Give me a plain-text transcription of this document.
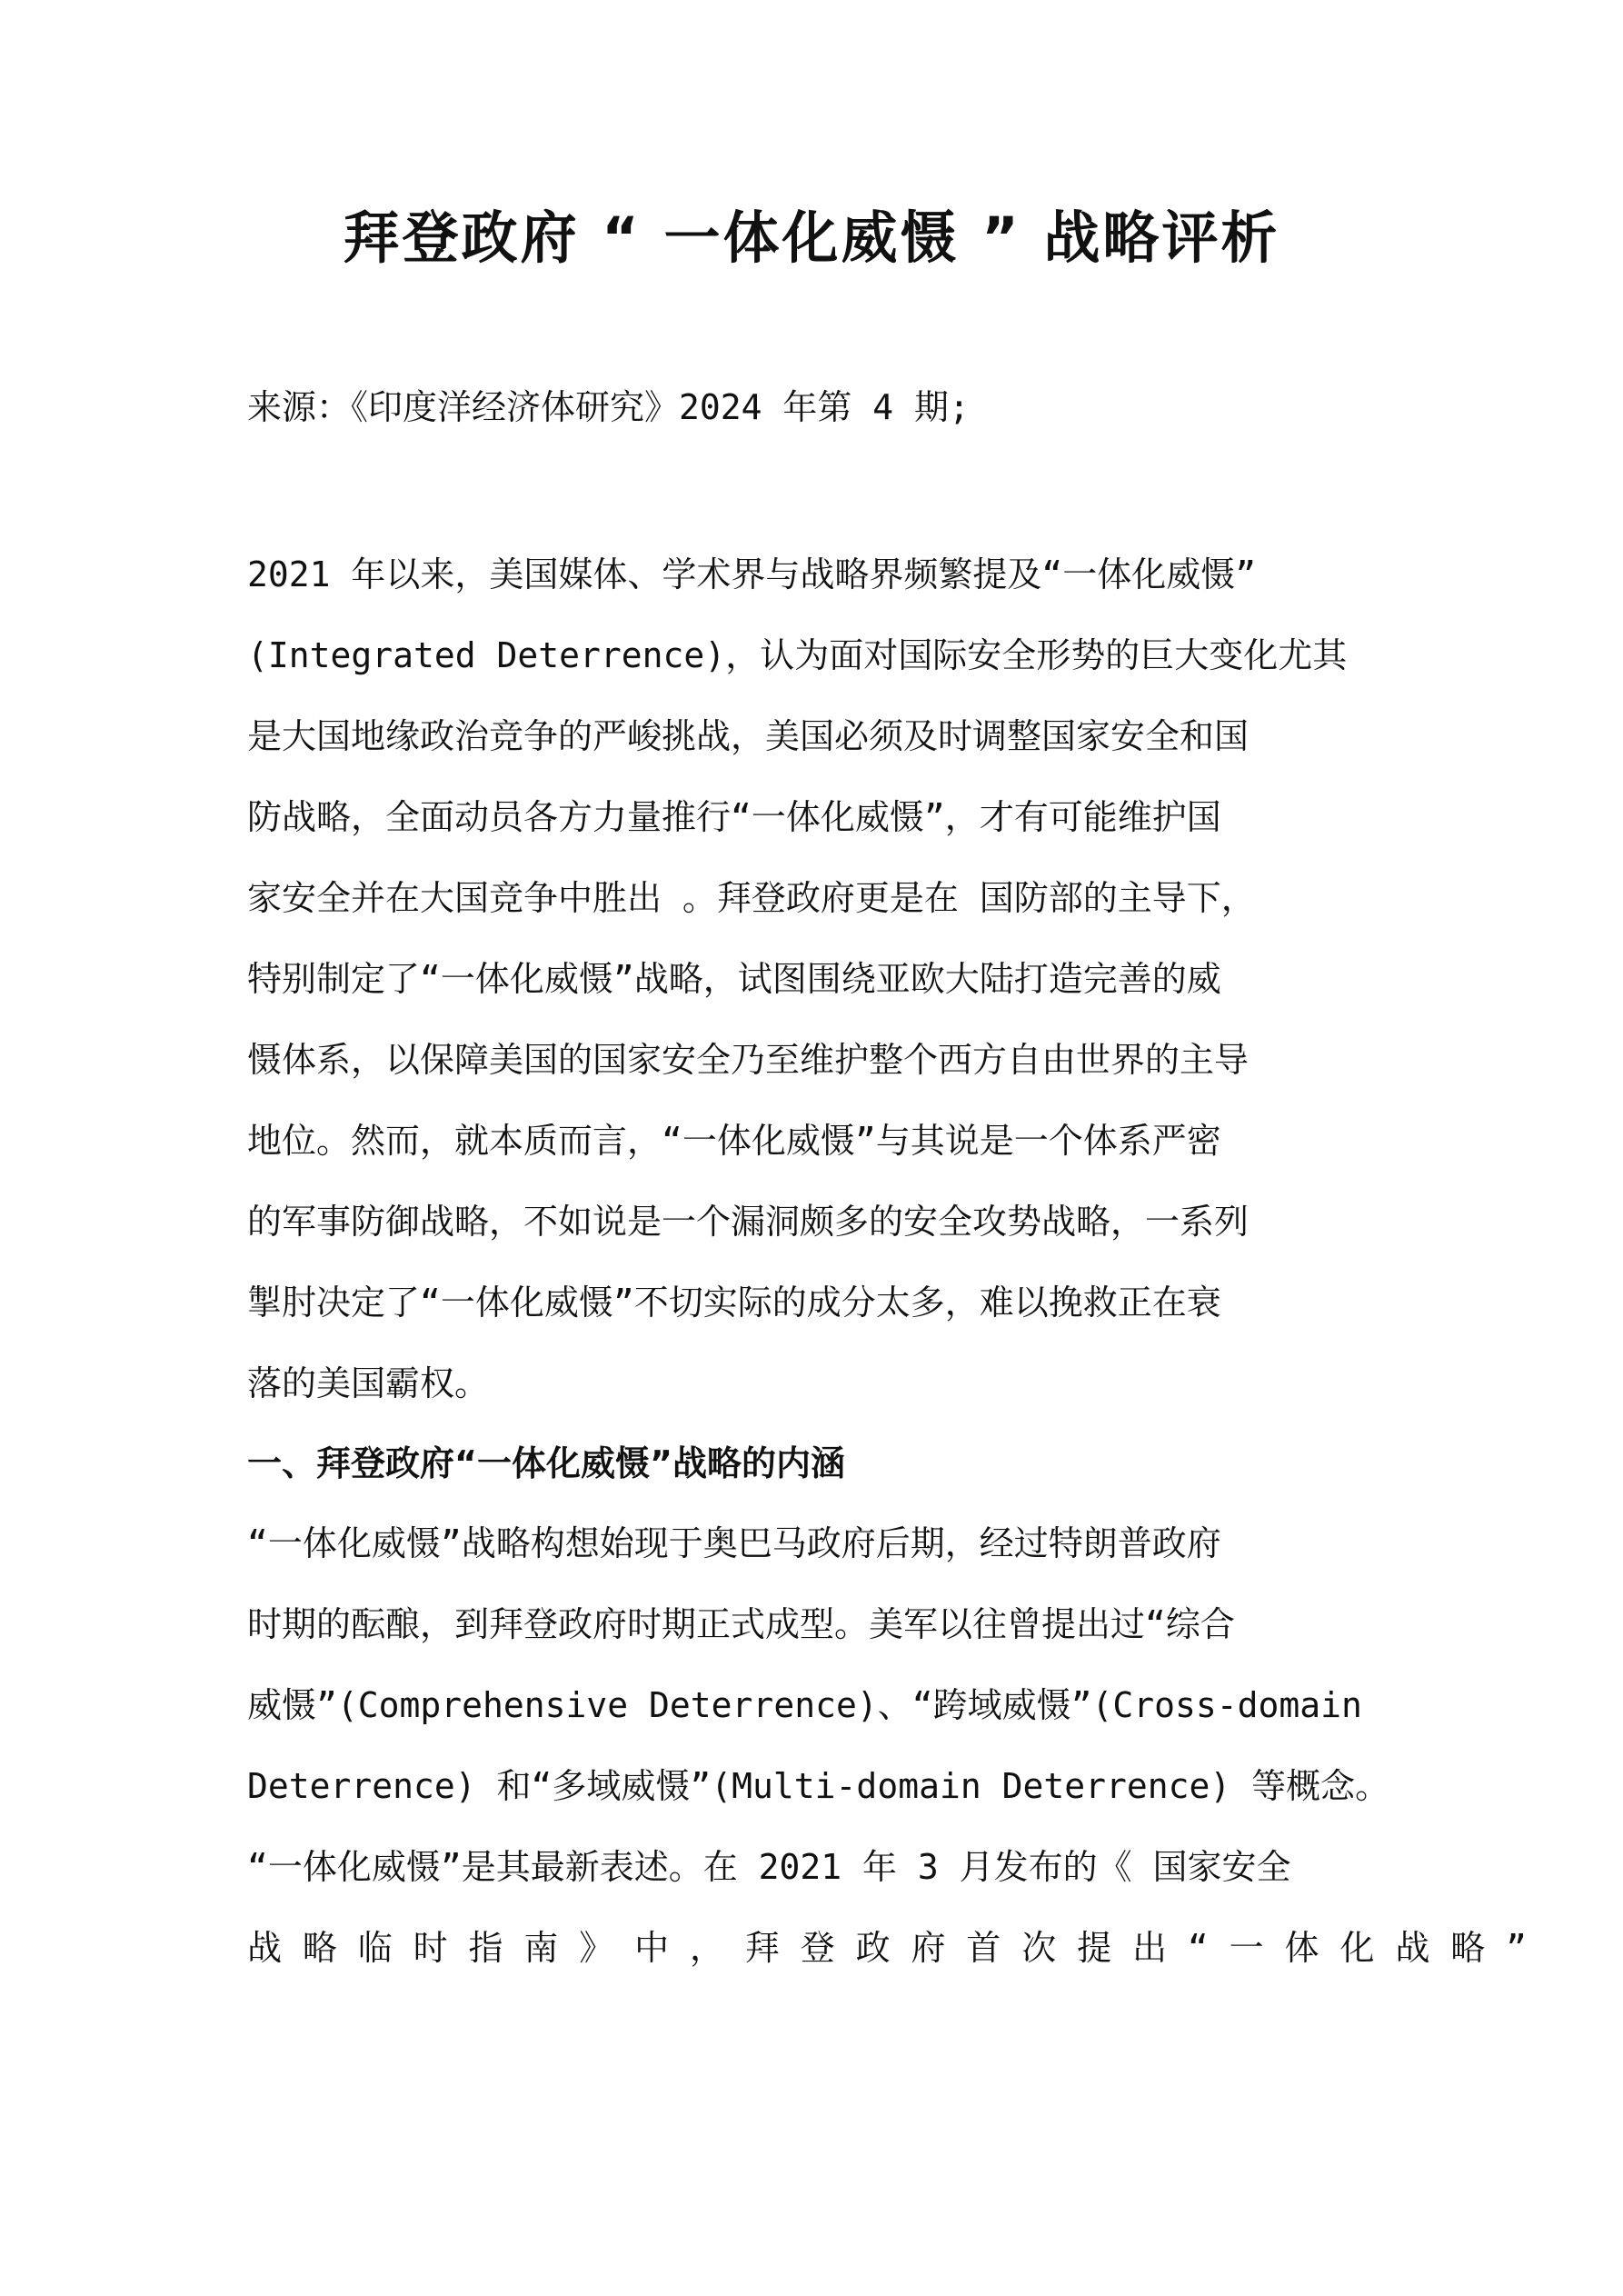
拜登政府 “ 一体化威慑 ” 战略评析
来源：《印度洋经济体研究》2024 年第 4 期;
2021 年以来，美国媒体、学术界与战略界频繁提及“一体化威慑”
(Integrated Deterrence)，认为面对国际安全形势的巨大变化尤其
是大国地缘政治竞争的严峻挑战，美国必须及时调整国家安全和国
防战略，全面动员各方力量推行“一体化威慑”，才有可能维护国
家安全并在大国竞争中胜出 。拜登政府更是在 国防部的主导下，
特别制定了“一体化威慑”战略，试图围绕亚欧大陆打造完善的威
慑体系，以保障美国的国家安全乃至维护整个西方自由世界的主导
地位。然而，就本质而言，“一体化威慑”与其说是一个体系严密
的军事防御战略，不如说是一个漏洞颇多的安全攻势战略，一系列
掣肘决定了“一体化威慑”不切实际的成分太多，难以挽救正在衰
落的美国霸权。
一、拜登政府“一体化威慑”战略的内涵
“一体化威慑”战略构想始现于奥巴马政府后期，经过特朗普政府
时期的酝酿，到拜登政府时期正式成型。美军以往曾提出过“综合
威慑”(Comprehensive Deterrence)、“跨域威慑”(Cross-domain
Deterrence) 和“多域威慑”(Multi-domain Deterrence) 等概念。
“一体化威慑”是其最新表述。在 2021 年 3 月发布的《 国家安全
战 略 临 时 指 南 》 中 ， 拜 登 政 府 首 次 提 出 “ 一 体 化 战 略 ”
